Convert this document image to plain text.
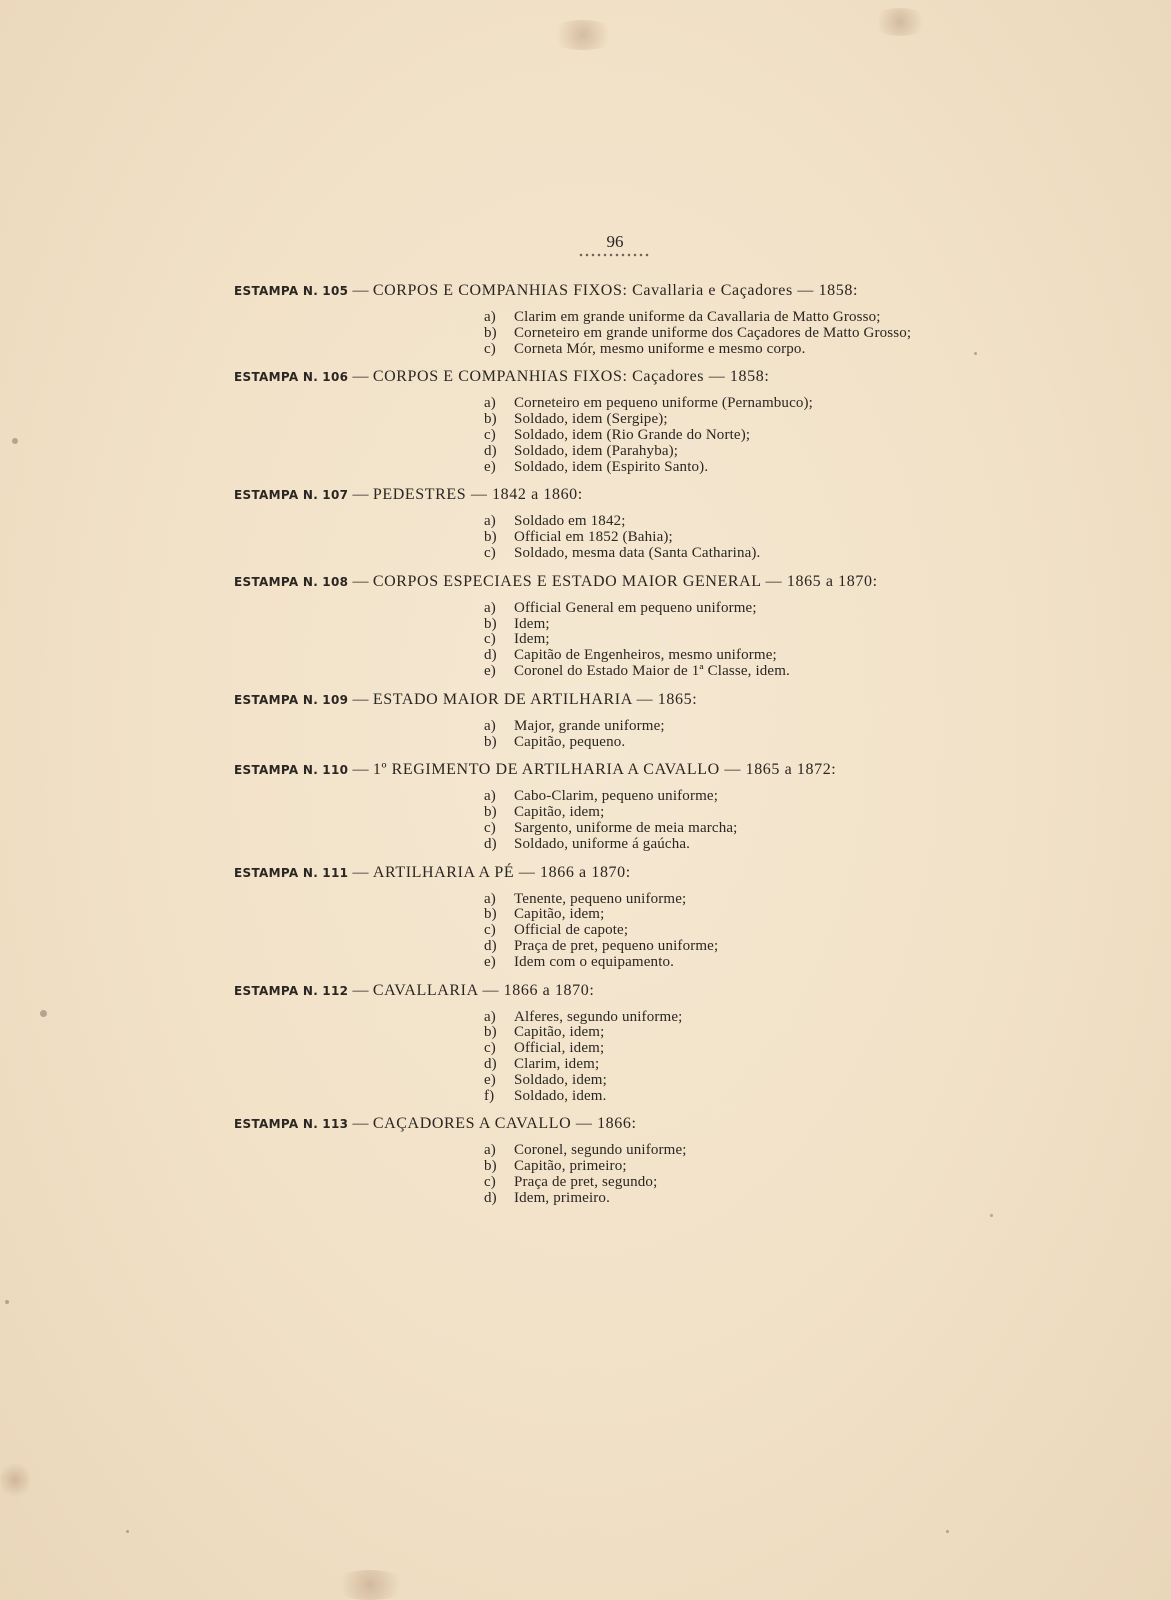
96
ESTAMPA N. 105 — CORPOS E COMPANHIAS FIXOS: Cavallaria e Caçadores — 1858:
a) Clarim em grande uniforme da Cavallaria de Matto Grosso;
b) Corneteiro em grande uniforme dos Caçadores de Matto Grosso;
c) Corneta Mór, mesmo uniforme e mesmo corpo.
ESTAMPA N. 106 — CORPOS E COMPANHIAS FIXOS: Caçadores — 1858:
a) Corneteiro em pequeno uniforme (Pernambuco);
b) Soldado, idem (Sergipe);
c) Soldado, idem (Rio Grande do Norte);
d) Soldado, idem (Parahyba);
e) Soldado, idem (Espirito Santo).
ESTAMPA N. 107 — PEDESTRES — 1842 a 1860:
a) Soldado em 1842;
b) Official em 1852 (Bahia);
c) Soldado, mesma data (Santa Catharina).
ESTAMPA N. 108 — CORPOS ESPECIAES E ESTADO MAIOR GENERAL — 1865 a 1870:
a) Official General em pequeno uniforme;
b) Idem;
c) Idem;
d) Capitão de Engenheiros, mesmo uniforme;
e) Coronel do Estado Maior de 1ª Classe, idem.
ESTAMPA N. 109 — ESTADO MAIOR DE ARTILHARIA — 1865:
a) Major, grande uniforme;
b) Capitão, pequeno.
ESTAMPA N. 110 — 1º REGIMENTO DE ARTILHARIA A CAVALLO — 1865 a 1872:
a) Cabo-Clarim, pequeno uniforme;
b) Capitão, idem;
c) Sargento, uniforme de meia marcha;
d) Soldado, uniforme á gaúcha.
ESTAMPA N. 111 — ARTILHARIA A PÉ — 1866 a 1870:
a) Tenente, pequeno uniforme;
b) Capitão, idem;
c) Official de capote;
d) Praça de pret, pequeno uniforme;
e) Idem com o equipamento.
ESTAMPA N. 112 — CAVALLARIA — 1866 a 1870:
a) Alferes, segundo uniforme;
b) Capitão, idem;
c) Official, idem;
d) Clarim, idem;
e) Soldado, idem;
f) Soldado, idem.
ESTAMPA N. 113 — CAÇADORES A CAVALLO — 1866:
a) Coronel, segundo uniforme;
b) Capitão, primeiro;
c) Praça de pret, segundo;
d) Idem, primeiro.
